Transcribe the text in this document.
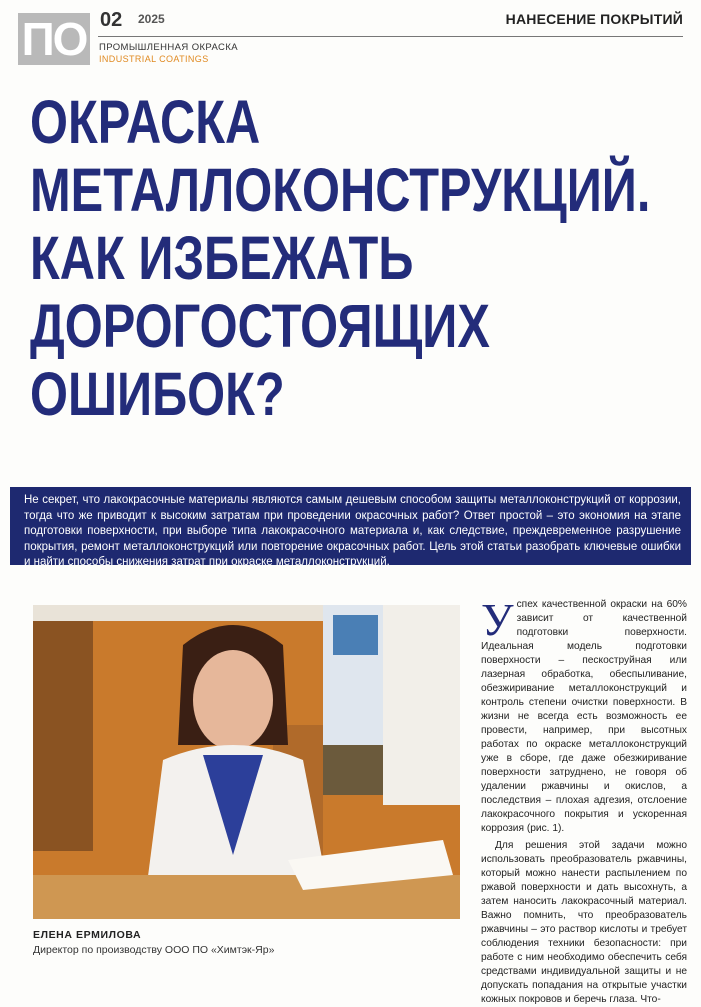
ПО 02 2025
ПРОМЫШЛЕННАЯ ОКРАСКА
INDUSTRIAL COATINGS
НАНЕСЕНИЕ ПОКРЫТИЙ
ОКРАСКА
МЕТАЛЛОКОНСТРУКЦИЙ.
КАК ИЗБЕЖАТЬ
ДОРОГОСТОЯЩИХ
ОШИБОК?

Не секрет, что лакокрасочные материалы являются самым дешевым способом защиты металлоконструкций от коррозии, тогда что же приводит к высоким затратам при проведении окрасочных работ? Ответ простой – это экономия на этапе подготовки поверхности, при выборе типа лакокрасочного материала и, как следствие, преждевременное разрушение покрытия, ремонт металлоконструкций или повторение окрасочных работ. Цель этой статьи разобрать ключевые ошибки и найти способы снижения затрат при окраске металлоконструкций.

ЕЛЕНА ЕРМИЛОВА
Директор по производству ООО ПО «Химтэк-Яр»

Успех качественной окраски на 60% зависит от качественной подготовки поверхности. Идеальная модель подготовки поверхности – пескоструйная или лазерная обработка, обеспыливание, обезжиривание металлоконструкций и контроль степени очистки поверхности. В жизни не всегда есть возможность ее провести, например, при высотных работах по окраске металлоконструкций уже в сборе, где даже обезжиривание поверхности затруднено, не говоря об удалении ржавчины и окислов, а последствия – плохая адгезия, отслоение лакокрасочного покрытия и ускоренная коррозия (рис. 1).

Для решения этой задачи можно использовать преобразователь ржавчины, который можно нанести распылением по ржавой поверхности и дать высохнуть, а затем наносить лакокрасочный материал. Важно помнить, что преобразователь ржавчины – это раствор кислоты и требует соблюдения техники безопасности: при работе с ним необходимо обеспечить себя средствами индивидуальной защиты и не допускать попадания на открытые участки кожных покровов и беречь глаза. Что-
